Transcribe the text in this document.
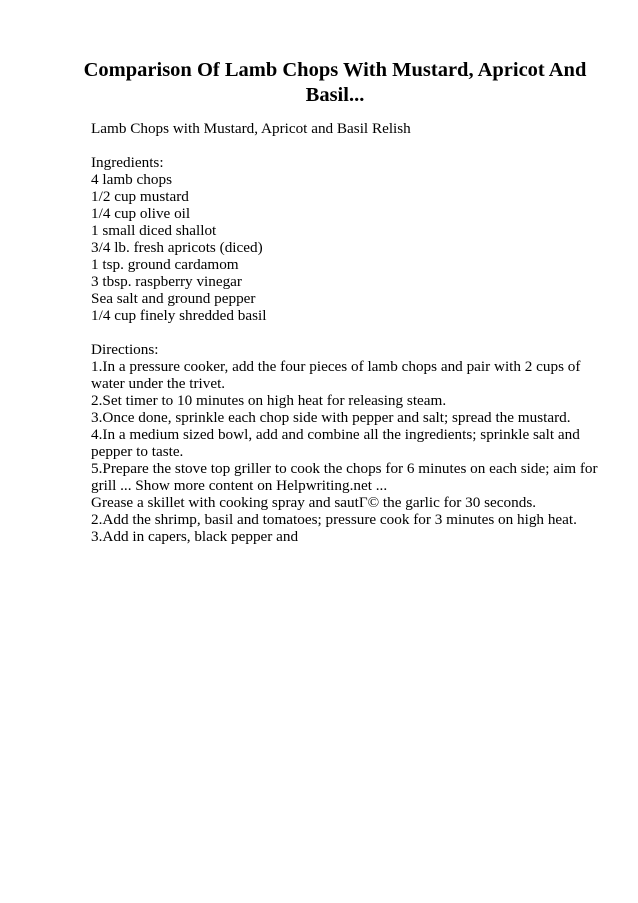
Comparison Of Lamb Chops With Mustard, Apricot And
Basil...
Lamb Chops with Mustard, Apricot and Basil Relish
Ingredients:
4 lamb chops
1/2 cup mustard
1/4 cup olive oil
1 small diced shallot
3/4 lb. fresh apricots (diced)
1 tsp. ground cardamom
3 tbsp. raspberry vinegar
Sea salt and ground pepper
1/4 cup finely shredded basil
Directions:
1.In a pressure cooker, add the four pieces of lamb chops and pair with 2 cups of
water under the trivet.
2.Set timer to 10 minutes on high heat for releasing steam.
3.Once done, sprinkle each chop side with pepper and salt; spread the mustard.
4.In a medium sized bowl, add and combine all the ingredients; sprinkle salt and
pepper to taste.
5.Prepare the stove top griller to cook the chops for 6 minutes on each side; aim for
grill ... Show more content on Helpwriting.net ...
Grease a skillet with cooking spray and sautГ© the garlic for 30 seconds.
2.Add the shrimp, basil and tomatoes; pressure cook for 3 minutes on high heat.
3.Add in capers, black pepper and
